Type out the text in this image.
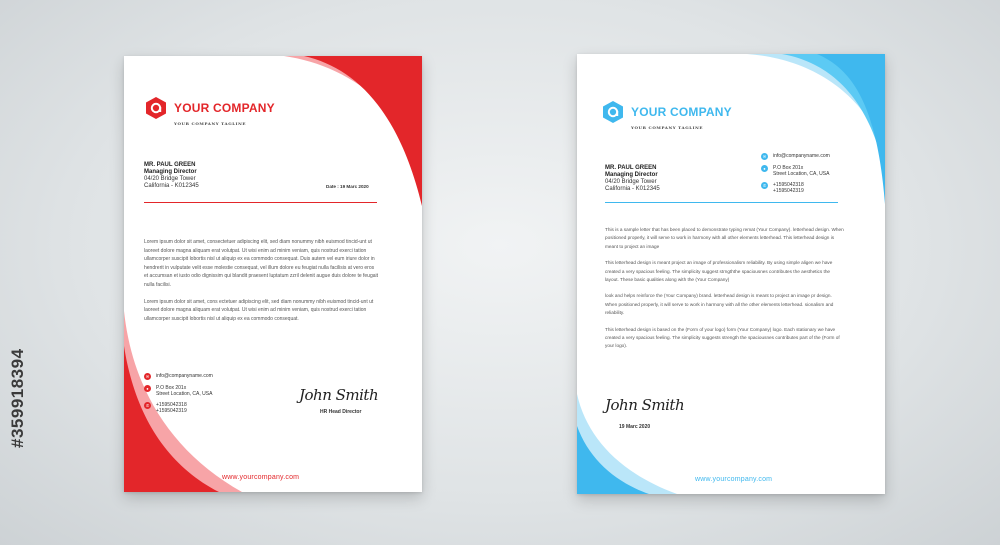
#359918394
YOUR COMPANY
YOUR COMPANY TAGLINE
MR. PAUL GREEN
Managing Director
04/20 Bridge Tower
California - K012345	Date : 19 Marc 2020

Lorem ipsum dolor sit amet, consectetuer adipiscing elit, sed diam nonummy nibh euismod tincid-unt ut laoreet dolore magna aliquam erat volutpat. Ut wisi enim ad minim veniam, quis nostrud exerci tation ullamcorper suscipit lobortis nisl ut aliquip ex ea commodo consequat. Duis autem vel eum iriure dolor in hendrerit in vulputate velit esse molestie consequat, vel illum dolore eu feugiat nulla facilisis at vero eros et accumsan et iusto odio dignissim qui blandit praesent luptatum zzril delenit augue duis dolore te feugait nulla facilisi.

Lorem ipsum dolor sit amet, cons ectetuer adipiscing elit, sed diam nonummy nibh euismod tincid-unt ut laoreet dolore magna aliquam erat volutpat. Ut wisi enim ad minim veniam, quis nostrud exerci tation ullamcorper suscipit lobortis nisl ut aliquip ex ea commodo consequat.

✉	info@companyname.com
●	P.O Box 201x
Street Location, CA, USA
✆	+1595042318
+1595042319
John Smith
HR Head Director
www.yourcompany.com
YOUR COMPANY
YOUR COMPANY TAGLINE
✉	info@companyname.com
●	P.O Box 201x
Street Location, CA, USA
✆	+1595042318
+1595042319
MR. PAUL GREEN
Managing Director
04/20 Bridge Tower
California - K012345

This is a sample letter that has been placed to demonstrate typing remat (Your Company). letterhead design. When positioned properly, it will serve to work in harmony with all other elements letterhead. This letterhead design is meant to project an image

This letterhead design is meant project an image of professionalism reliability. By using simple aligen we have created a very spacious feeling. The simplicity suggest strngththe spaciousnes contributes the aesthetics the layout. These basic qualities along with the (Your Company)

look and helps reinforce the (Your Company) brand. letterhead design is meant to project an image pr design. When positioned properly, it will serve to work in harmony with all the other elements letterhead. sionalism and reliability.

This letterhead design is based on the (Form of your logo) form (Your Company) logo. Each stationary we have created a very spacious feeling. The simplicity suggests strength the spaciousnes contributes part of the (Form of your logo).

John Smith
19 Marc 2020
www.yourcompany.com
